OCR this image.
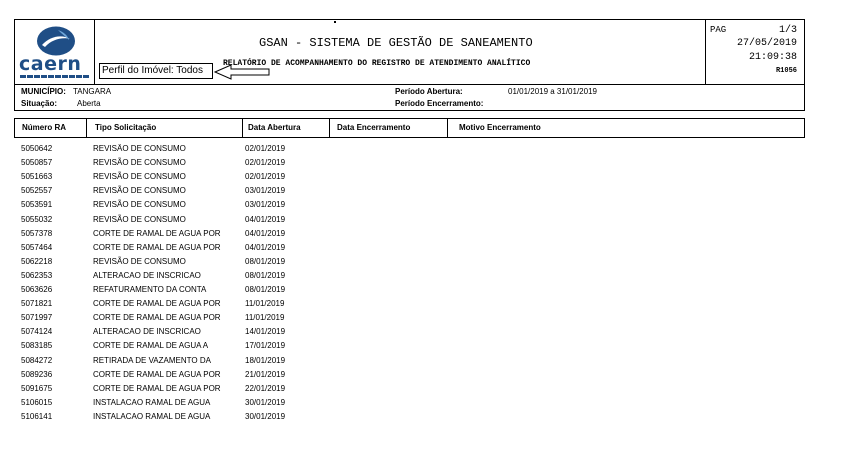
caern
GSAN - SISTEMA DE GESTÃO DE SANEAMENTO
RELATÓRIO DE ACOMPANHAMENTO DO REGISTRO DE ATENDIMENTO ANALÍTICO
Perfil do Imóvel: Todos
PAG	1/3
27/05/2019
21:09:38
R1056
MUNICÍPIO: TANGARA
Situação: Aberta
Período Abertura:	01/01/2019 a 31/01/2019
Período Encerramento:
Número RA	Tipo Solicitação	Data Abertura	Data Encerramento	Motivo Encerramento
5050642	REVISÃO DE CONSUMO	02/01/2019
5050857	REVISÃO DE CONSUMO	02/01/2019
5051663	REVISÃO DE CONSUMO	02/01/2019
5052557	REVISÃO DE CONSUMO	03/01/2019
5053591	REVISÃO DE CONSUMO	03/01/2019
5055032	REVISÃO DE CONSUMO	04/01/2019
5057378	CORTE DE RAMAL DE AGUA POR	04/01/2019
5057464	CORTE DE RAMAL DE AGUA POR	04/01/2019
5062218	REVISÃO DE CONSUMO	08/01/2019
5062353	ALTERACAO DE INSCRICAO	08/01/2019
5063626	REFATURAMENTO DA CONTA	08/01/2019
5071821	CORTE DE RAMAL DE AGUA POR	11/01/2019
5071997	CORTE DE RAMAL DE AGUA POR	11/01/2019
5074124	ALTERACAO DE INSCRICAO	14/01/2019
5083185	CORTE DE RAMAL DE AGUA A	17/01/2019
5084272	RETIRADA DE VAZAMENTO DA	18/01/2019
5089236	CORTE DE RAMAL DE AGUA POR	21/01/2019
5091675	CORTE DE RAMAL DE AGUA POR	22/01/2019
5106015	INSTALACAO RAMAL DE AGUA	30/01/2019
5106141	INSTALACAO RAMAL DE AGUA	30/01/2019
